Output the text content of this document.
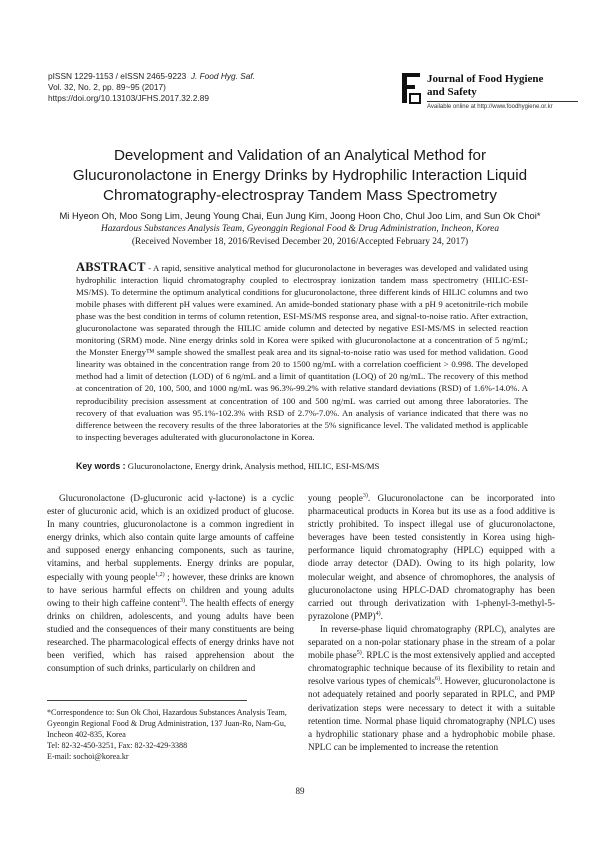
pISSN 1229-1153 / eISSN 2465-9223 J. Food Hyg. Saf.
Vol. 32, No. 2, pp. 89~95 (2017)
https://doi.org/10.13103/JFHS.2017.32.2.89
Journal of Food Hygiene
and Safety
Available online at http://www.foodhygiene.or.kr
Development and Validation of an Analytical Method for
Glucuronolactone in Energy Drinks by Hydrophilic Interaction Liquid
Chromatography-electrospray Tandem Mass Spectrometry
Mi Hyeon Oh, Moo Song Lim, Jeung Young Chai, Eun Jung Kim, Joong Hoon Cho, Chul Joo Lim, and Sun Ok Choi*
Hazardous Substances Analysis Team, Gyeonggin Regional Food & Drug Administration, Incheon, Korea
(Received November 18, 2016/Revised December 20, 2016/Accepted February 24, 2017)
ABSTRACT - A rapid, sensitive analytical method for glucuronolactone in beverages was developed and validated using hydrophilic interaction liquid chromatography coupled to electrospray ionization tandem mass spectrometry (HILIC-ESI-MS/MS). To determine the optimum analytical conditions for glucuronolactone, three different kinds of HILIC columns and two mobile phases with different pH values were examined. An amide-bonded stationary phase with a pH 9 acetonitrile-rich mobile phase was the best condition in terms of column retention, ESI-MS/MS response area, and signal-to-noise ratio. After extraction, glucuronolactone was separated through the HILIC amide column and detected by negative ESI-MS/MS in selected reaction monitoring (SRM) mode. Nine energy drinks sold in Korea were spiked with glucuronolactone at a concentration of 5 ng/mL; the Monster Energy™ sample showed the smallest peak area and its signal-to-noise ratio was used for method validation. Good linearity was obtained in the concentration range from 20 to 1500 ng/mL with a correlation coefficient > 0.998. The developed method had a limit of detection (LOD) of 6 ng/mL and a limit of quantitation (LOQ) of 20 ng/mL. The recovery of this method at concentration of 20, 100, 500, and 1000 ng/mL was 96.3%-99.2% with relative standard deviations (RSD) of 1.6%-14.0%. A reproducibility precision assessment at concentration of 100 and 500 ng/mL was carried out among three laboratories. The recovery of that evaluation was 95.1%-102.3% with RSD of 2.7%-7.0%. An analysis of variance indicated that there was no difference between the recovery results of the three laboratories at the 5% significance level. The validated method is applicable to inspecting beverages adulterated with glucuronolactone in Korea.
Key words : Glucuronolactone, Energy drink, Analysis method, HILIC, ESI-MS/MS

Glucuronolactone (D-glucuronic acid γ-lactone) is a cyclic ester of glucuronic acid, which is an oxidized product of glucose. In many countries, glucuronolactone is a common ingredient in energy drinks, which also contain quite large amounts of caffeine and supposed energy enhancing components, such as taurine, vitamins, and herbal supplements. Energy drinks are popular, especially with young people$^{1,2)}$ ; however, these drinks are known to have serious harmful effects on children and young adults owing to their high caffeine content$^{3)}$. The health effects of energy drinks on children, adolescents, and young adults have been studied and the consequences of their many constituents are being researched. The pharmacological effects of energy drinks have not been verified, which has raised apprehension about the consumption of such drinks, particularly on children and

young people$^{3)}$. Glucuronolactone can be incorporated into pharmaceutical products in Korea but its use as a food additive is strictly prohibited. To inspect illegal use of glucuronolactone, beverages have been tested consistently in Korea using high-performance liquid chromatography (HPLC) equipped with a diode array detector (DAD). Owing to its high polarity, low molecular weight, and absence of chromophores, the analysis of glucuronolactone using HPLC-DAD chromatography has been carried out through derivatization with 1-phenyl-3-methyl-5-pyrazolone (PMP)$^{4)}$.

In reverse-phase liquid chromatography (RPLC), analytes are separated on a non-polar stationary phase in the stream of a polar mobile phase$^{5)}$. RPLC is the most extensively applied and accepted chromatographic technique because of its flexibility to retain and resolve various types of chemicals$^{6)}$. However, glucuronolactone is not adequately retained and poorly separated in RPLC, and PMP derivatization steps were necessary to detect it with a suitable retention time. Normal phase liquid chromatography (NPLC) uses a hydrophilic stationary phase and a hydrophobic mobile phase. NPLC can be implemented to increase the retention

*Correspondence to: Sun Ok Choi, Hazardous Substances Analysis Team, Gyeongin Regional Food & Drug Administration, 137 Juan-Ro, Nam-Gu, Incheon 402-835, Korea
Tel: 82-32-450-3251, Fax: 82-32-429-3388
E-mail: sochoi@korea.kr
89
